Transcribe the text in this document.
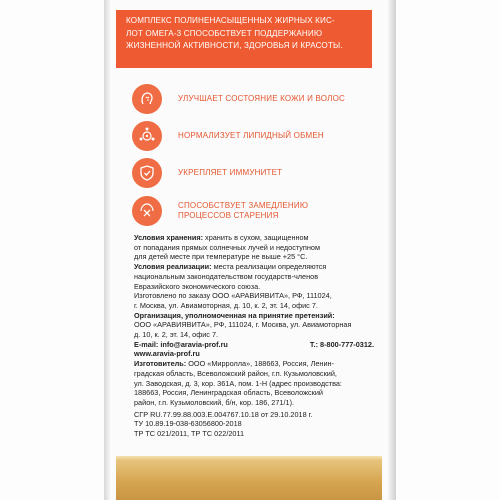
КОМПЛЕКС ПОЛИНЕНАСЫЩЕННЫХ ЖИРНЫХ КИС-
ЛОТ ОМЕГА-3 СПОСОБСТВУЕТ ПОДДЕРЖАНИЮ
ЖИЗНЕННОЙ АКТИВНОСТИ, ЗДОРОВЬЯ И КРАСОТЫ.
УЛУЧШАЕТ СОСТОЯНИЕ КОЖИ И ВОЛОС
НОРМАЛИЗУЕТ ЛИПИДНЫЙ ОБМЕН
УКРЕПЛЯЕТ ИММУНИТЕТ
СПОСОБСТВУЕТ ЗАМЕДЛЕНИЮ
ПРОЦЕССОВ СТАРЕНИЯ

Условия хранения: хранить в сухом, защищенном

от попадания прямых солнечных лучей и недоступном

для детей месте при температуре не выше +25 °С.

Условия реализации: места реализации определяются

национальным законодательством государств-членов

Евразийского экономического союза.

Изготовлено по заказу ООО «АРАВИЯВИТА», РФ, 111024,

г. Москва, ул. Авиамоторная, д. 10, к. 2, эт. 14, офис 7.

Организация, уполномоченная на принятие претензий:

ООО «АРАВИЯВИТА», РФ, 111024, г. Москва, ул. Авиамоторная

д. 10, к. 2, эт. 14, офис 7.

E-mail: info@aravia-prof.ru	Т.: 8-800-777-0312.

www.aravia-prof.ru

Изготовитель: ООО «Мирролла», 188663, Россия, Ленин-

градская область, Всеволожский район, г.п. Кузьмоловский,

ул. Заводская, д. 3, кор. 361А, пом. 1-Н (адрес производства:

188663, Россия, Ленинградская область, Всеволожский

район, г.п. Кузьмоловский, б/н, кор. 186, 271/1).

СГР RU.77.99.88.003.Е.004767.10.18 от 29.10.2018 г.

ТУ 10.89.19-038-63056800-2018

ТР ТС 021/2011, ТР ТС 022/2011
